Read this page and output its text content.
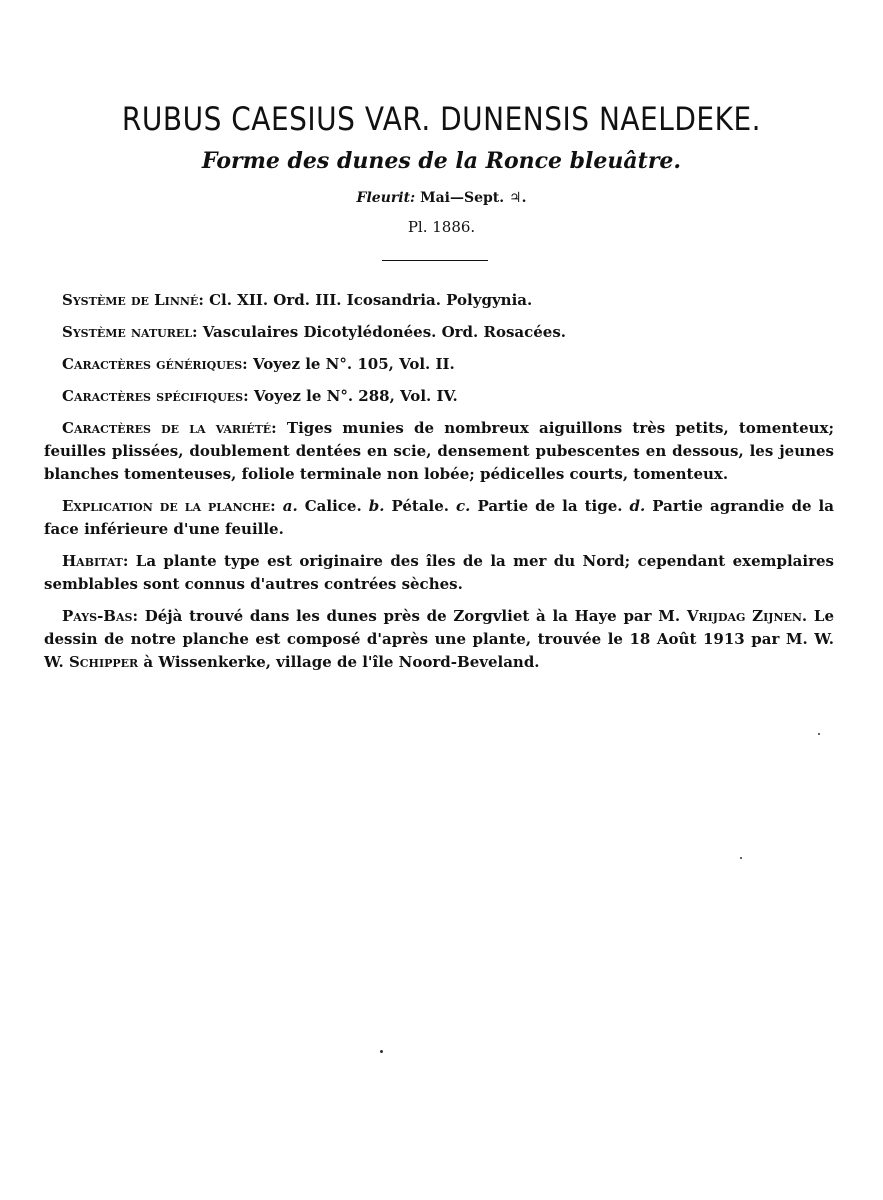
RUBUS CAESIUS VAR. DUNENSIS NAELDEKE.
Forme des dunes de la Ronce bleuâtre.
Fleurit: Mai—Sept. ♃.
Pl. 1886.

Système de Linné: Cl. XII. Ord. III. Icosandria. Polygynia.

Système naturel: Vasculaires Dicotylédonées. Ord. Rosacées.

Caractères génériques: Voyez le N°. 105, Vol. II.

Caractères spécifiques: Voyez le N°. 288, Vol. IV.

Caractères de la variété: Tiges munies de nombreux aiguillons très petits, tomenteux; feuilles plissées, doublement dentées en scie, densement pubescentes en dessous, les jeunes blanches tomenteuses, foliole terminale non lobée; pédicelles courts, tomenteux.

Explication de la planche: a. Calice. b. Pétale. c. Partie de la tige. d. Partie agrandie de la face inférieure d'une feuille.

Habitat: La plante type est originaire des îles de la mer du Nord; cependant exemplaires semblables sont connus d'autres contrées sèches.

Pays-Bas: Déjà trouvé dans les dunes près de Zorgvliet à la Haye par M. Vrijdag Zijnen. Le dessin de notre planche est composé d'après une plante, trouvée le 18 Août 1913 par M. W. W. Schipper à Wissenkerke, village de l'île Noord-Beveland.
